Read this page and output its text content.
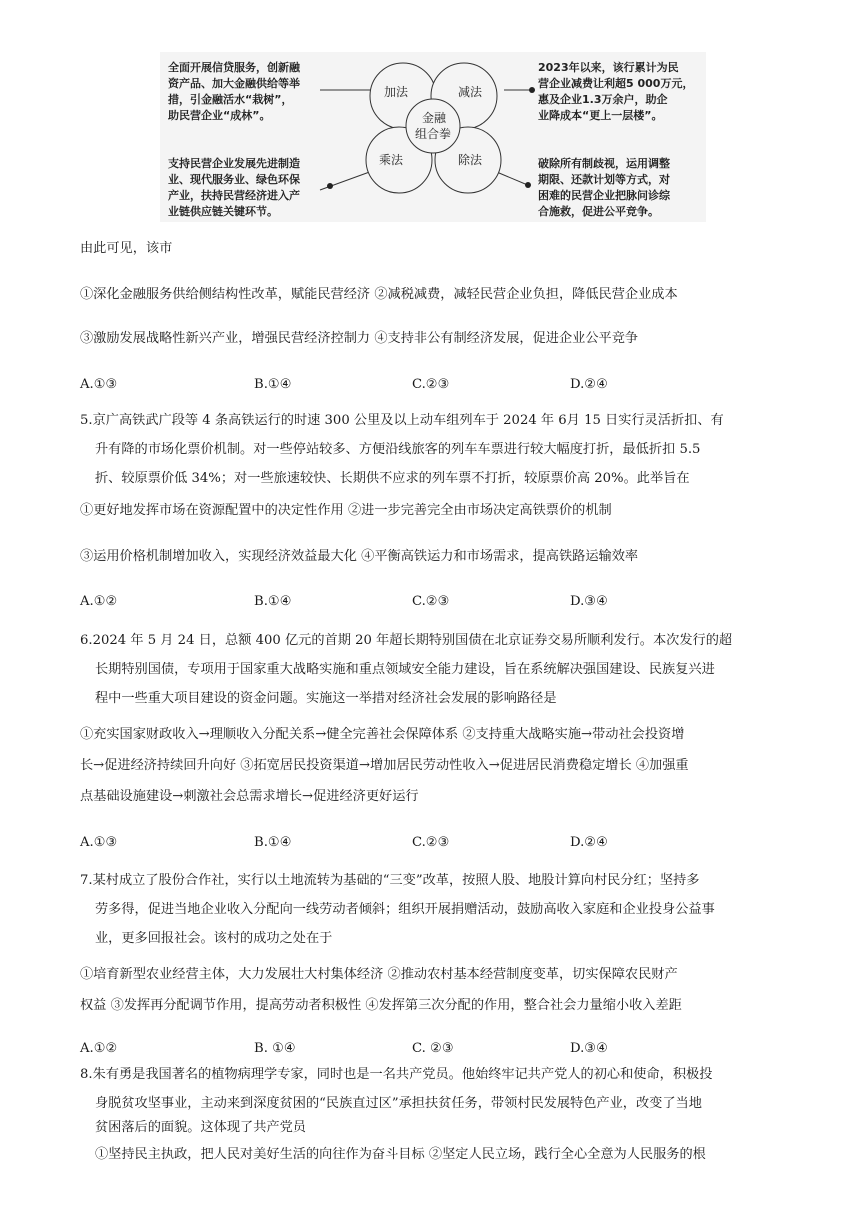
加法	减法
乘法	除法
金融
组合拳
全面开展信贷服务，创新融
资产品、加大金融供给等举
措，引金融活水“栽树”，
助民营企业“成林”。
2023年以来，该行累计为民
营企业减费让利超5 000万元，
惠及企业1.3万余户，助企
业降成本“更上一层楼”。
支持民营企业发展先进制造
业、现代服务业、绿色环保
产业，扶持民营经济进入产
业链供应链关键环节。
破除所有制歧视，运用调整
期限、还款计划等方式，对
困难的民营企业把脉问诊综
合施救，促进公平竞争。
由此可见，该市
①深化金融服务供给侧结构性改革，赋能民营经济 ②减税减费，减轻民营企业负担，降低民营企业成本
③激励发展战略性新兴产业，增强民营经济控制力 ④支持非公有制经济发展，促进企业公平竞争
A.①③	B.①④	C.②③	D.②④
5.京广高铁武广段等 4 条高铁运行的时速 300 公里及以上动车组列车于 2024 年 6月 15 日实行灵活折扣、有
升有降的市场化票价机制。对一些停站较多、方便沿线旅客的列车车票进行较大幅度打折，最低折扣 5.5
折、较原票价低 34%；对一些旅速较快、长期供不应求的列车票不打折，较原票价高 20%。此举旨在
①更好地发挥市场在资源配置中的决定性作用 ②进一步完善完全由市场决定高铁票价的机制
③运用价格机制增加收入，实现经济效益最大化 ④平衡高铁运力和市场需求，提高铁路运输效率
A.①②	B.①④	C.②③	D.③④
6.2024 年 5 月 24 日，总额 400 亿元的首期 20 年超长期特别国债在北京证券交易所顺利发行。本次发行的超
长期特别国债，专项用于国家重大战略实施和重点领域安全能力建设，旨在系统解决强国建设、民族复兴进
程中一些重大项目建设的资金问题。实施这一举措对经济社会发展的影响路径是
①充实国家财政收入→理顺收入分配关系→健全完善社会保障体系 ②支持重大战略实施→带动社会投资增
长→促进经济持续回升向好 ③拓宽居民投资渠道→增加居民劳动性收入→促进居民消费稳定增长 ④加强重
点基础设施建设→刺激社会总需求增长→促进经济更好运行
A.①③	B.①④	C.②③	D.②④
7.某村成立了股份合作社，实行以土地流转为基础的“三变”改革，按照人股、地股计算向村民分红；坚持多
劳多得，促进当地企业收入分配向一线劳动者倾斜；组织开展捐赠活动，鼓励高收入家庭和企业投身公益事
业，更多回报社会。该村的成功之处在于
①培育新型农业经营主体，大力发展壮大村集体经济 ②推动农村基本经营制度变革，切实保障农民财产
权益 ③发挥再分配调节作用，提高劳动者积极性 ④发挥第三次分配的作用，整合社会力量缩小收入差距
A.①②	B. ①④	C. ②③	D.③④
8.朱有勇是我国著名的植物病理学专家，同时也是一名共产党员。他始终牢记共产党人的初心和使命，积极投
身脱贫攻坚事业，主动来到深度贫困的“民族直过区”承担扶贫任务，带领村民发展特色产业，改变了当地
贫困落后的面貌。这体现了共产党员
①坚持民主执政，把人民对美好生活的向往作为奋斗目标 ②坚定人民立场，践行全心全意为人民服务的根
